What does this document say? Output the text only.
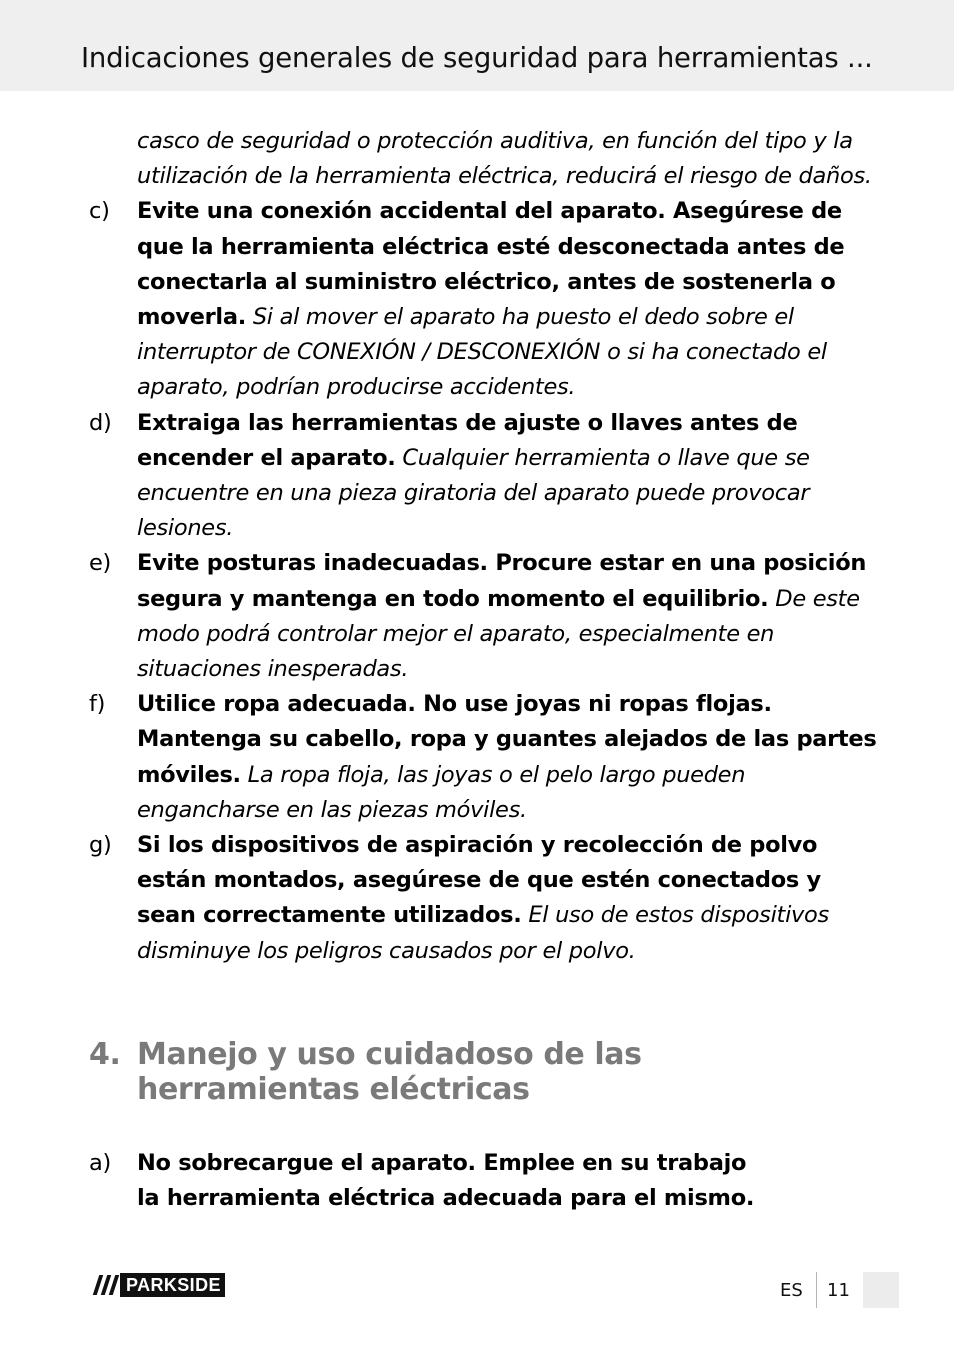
Indicaciones generales de seguridad para herramientas ...

casco de seguridad o protección auditiva, en función del tipo y la utilización de la herramienta eléctrica, reducirá el riesgo de daños.

c) Evite una conexión accidental del aparato. Asegúrese de que la herramienta eléctrica esté desconectada antes de conectarla al suministro eléctrico, antes de sostenerla o moverla. Si al mover el aparato ha puesto el dedo sobre el interruptor de CONEXIÓN / DESCONEXIÓN o si ha conectado el aparato, podrían producirse accidentes.

d) Extraiga las herramientas de ajuste o llaves antes de encender el aparato. Cualquier herramienta o llave que se encuentre en una pieza giratoria del aparato puede provocar lesiones.

e) Evite posturas inadecuadas. Procure estar en una posición segura y mantenga en todo momento el equilibrio. De este modo podrá controlar mejor el aparato, especialmente en situaciones inesperadas.

f) Utilice ropa adecuada. No use joyas ni ropas flojas. Mantenga su cabello, ropa y guantes alejados de las partes móviles. La ropa floja, las joyas o el pelo largo pueden engancharse en las piezas móviles.

g) Si los dispositivos de aspiración y recolección de polvo están montados, asegúrese de que estén conectados y sean correctamente utilizados. El uso de estos dispositivos disminuye los peligros causados por el polvo.

4. Manejo y uso cuidadoso de las
herramientas eléctricas

a) No sobrecargue el aparato. Emplee en su trabajo
la herramienta eléctrica adecuada para el mismo.

PARKSIDE	ES 11
